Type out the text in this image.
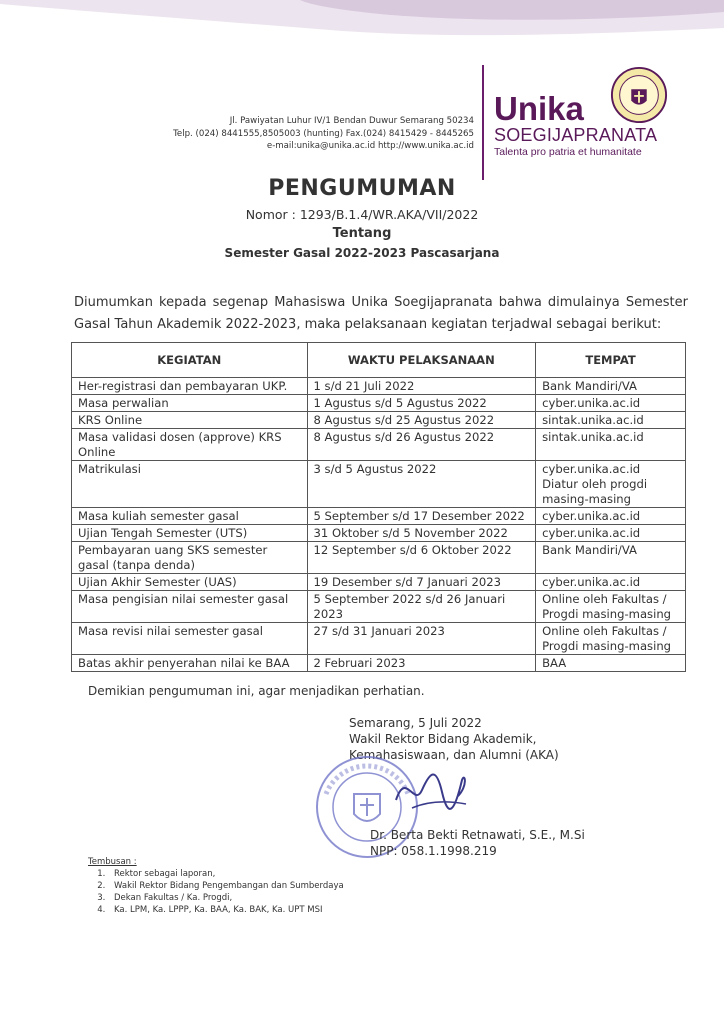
Jl. Pawiyatan Luhur IV/1 Bendan Duwur Semarang 50234
Telp. (024) 8441555,8505003 (hunting) Fax.(024) 8415429 - 8445265
e-mail:unika@unika.ac.id http://www.unika.ac.id
Unika
SOEGIJAPRANATA
Talenta pro patria et humanitate
PENGUMUMAN
Nomor : 1293/B.1.4/WR.AKA/VII/2022
Tentang
Semester Gasal 2022-2023 Pascasarjana
Diumumkan kepada segenap Mahasiswa Unika Soegijapranata bahwa dimulainya Semester Gasal Tahun Akademik 2022-2023, maka pelaksanaan kegiatan terjadwal sebagai berikut:
KEGIATAN	WAKTU PELAKSANAAN	TEMPAT
Her-registrasi dan pembayaran UKP.	1 s/d 21 Juli 2022	Bank Mandiri/VA
Masa perwalian	1 Agustus s/d 5 Agustus 2022	cyber.unika.ac.id
KRS Online	8 Agustus s/d 25 Agustus 2022	sintak.unika.ac.id
Masa validasi dosen (approve) KRS Online	8 Agustus s/d 26 Agustus 2022	sintak.unika.ac.id
Matrikulasi	3 s/d 5 Agustus 2022	cyber.unika.ac.id Diatur oleh progdi masing-masing
Masa kuliah semester gasal	5 September s/d 17 Desember 2022	cyber.unika.ac.id
Ujian Tengah Semester (UTS)	31 Oktober s/d 5 November 2022	cyber.unika.ac.id
Pembayaran uang SKS semester gasal (tanpa denda)	12 September s/d 6 Oktober 2022	Bank Mandiri/VA
Ujian Akhir Semester (UAS)	19 Desember s/d 7 Januari 2023	cyber.unika.ac.id
Masa pengisian nilai semester gasal	5 September 2022 s/d 26 Januari 2023	Online oleh Fakultas / Progdi masing-masing
Masa revisi nilai semester gasal	27 s/d 31 Januari 2023	Online oleh Fakultas / Progdi masing-masing
Batas akhir penyerahan nilai ke BAA	2 Februari 2023	BAA
Demikian pengumuman ini, agar menjadikan perhatian.
Semarang, 5 Juli 2022
Wakil Rektor Bidang Akademik,
Kemahasiswaan, dan Alumni (AKA)
Dr. Berta Bekti Retnawati, S.E., M.Si
NPP: 058.1.1998.219
Tembusan :
1. Rektor sebagai laporan,
2. Wakil Rektor Bidang Pengembangan dan Sumberdaya
3. Dekan Fakultas / Ka. Progdi,
4. Ka. LPM, Ka. LPPP, Ka. BAA, Ka. BAK, Ka. UPT MSI
